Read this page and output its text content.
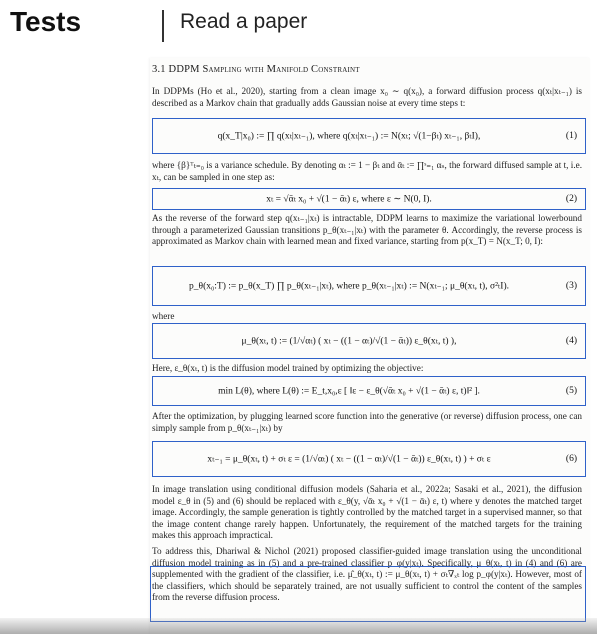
Tests	Read a paper
3.1 DDPM Sampling with Manifold Constraint
In DDPMs (Ho et al., 2020), starting from a clean image x₀ ∼ q(x₀), a forward diffusion process q(xₜ|xₜ₋₁) is described as a Markov chain that gradually adds Gaussian noise at every time steps t:
q(x_T|x₀) := ∏ q(xₜ|xₜ₋₁), where q(xₜ|xₜ₋₁) := N(xₜ; √(1−βₜ) xₜ₋₁, βₜI),	(1)
where {β}ᵀₜ₌₀ is a variance schedule. By denoting αₜ := 1 − βₜ and ᾱₜ := ∏ˢ₌₁ αₛ, the forward diffused sample at t, i.e. xₜ, can be sampled in one step as:
xₜ = √ᾱₜ x₀ + √(1 − ᾱₜ) ε, where ε ∼ N(0, I).	(2)
As the reverse of the forward step q(xₜ₋₁|xₜ) is intractable, DDPM learns to maximize the variational lowerbound through a parameterized Gaussian transitions p_θ(xₜ₋₁|xₜ) with the parameter θ. Accordingly, the reverse process is approximated as Markov chain with learned mean and fixed variance, starting from p(x_T) = N(x_T; 0, I):
p_θ(x₀:T) := p_θ(x_T) ∏ p_θ(xₜ₋₁|xₜ), where p_θ(xₜ₋₁|xₜ) := N(xₜ₋₁; μ_θ(xₜ, t), σ²ₜI).	(3)
where
μ_θ(xₜ, t) := (1/√αₜ) ( xₜ − ((1 − αₜ)/√(1 − ᾱₜ)) ε_θ(xₜ, t) ),	(4)
Here, ε_θ(xₜ, t) is the diffusion model trained by optimizing the objective:
min L(θ), where L(θ) := E_t,x₀,ε [ ‖ε − ε_θ(√ᾱₜ x₀ + √(1 − ᾱₜ) ε, t)‖² ].	(5)
After the optimization, by plugging learned score function into the generative (or reverse) diffusion process, one can simply sample from p_θ(xₜ₋₁|xₜ) by
xₜ₋₁ = μ_θ(xₜ, t) + σₜ ε = (1/√αₜ) ( xₜ − ((1 − αₜ)/√(1 − ᾱₜ)) ε_θ(xₜ, t) ) + σₜ ε	(6)
In image translation using conditional diffusion models (Saharia et al., 2022a; Sasaki et al., 2021), the diffusion model ε_θ in (5) and (6) should be replaced with ε_θ(y, √ᾱₜ x₀ + √(1 − ᾱₜ) ε, t) where y denotes the matched target image. Accordingly, the sample generation is tightly controlled by the matched target in a supervised manner, so that the image content change rarely happen. Unfortunately, the requirement of the matched targets for the training makes this approach impractical.
To address this, Dhariwal & Nichol (2021) proposed classifier-guided image translation using the unconditional diffusion model training as in (5) and a pre-trained classifier p_φ(y|xₜ). Specifically, μ_θ(xₜ, t) in (4) and (6) are supplemented with the gradient of the classifier, i.e. μ̂_θ(xₜ, t) := μ_θ(xₜ, t) + σₜ∇ₓₜ log p_φ(y|xₜ). However, most of the classifiers, which should be separately trained, are not usually sufficient to control the content of the samples from the reverse diffusion process.
